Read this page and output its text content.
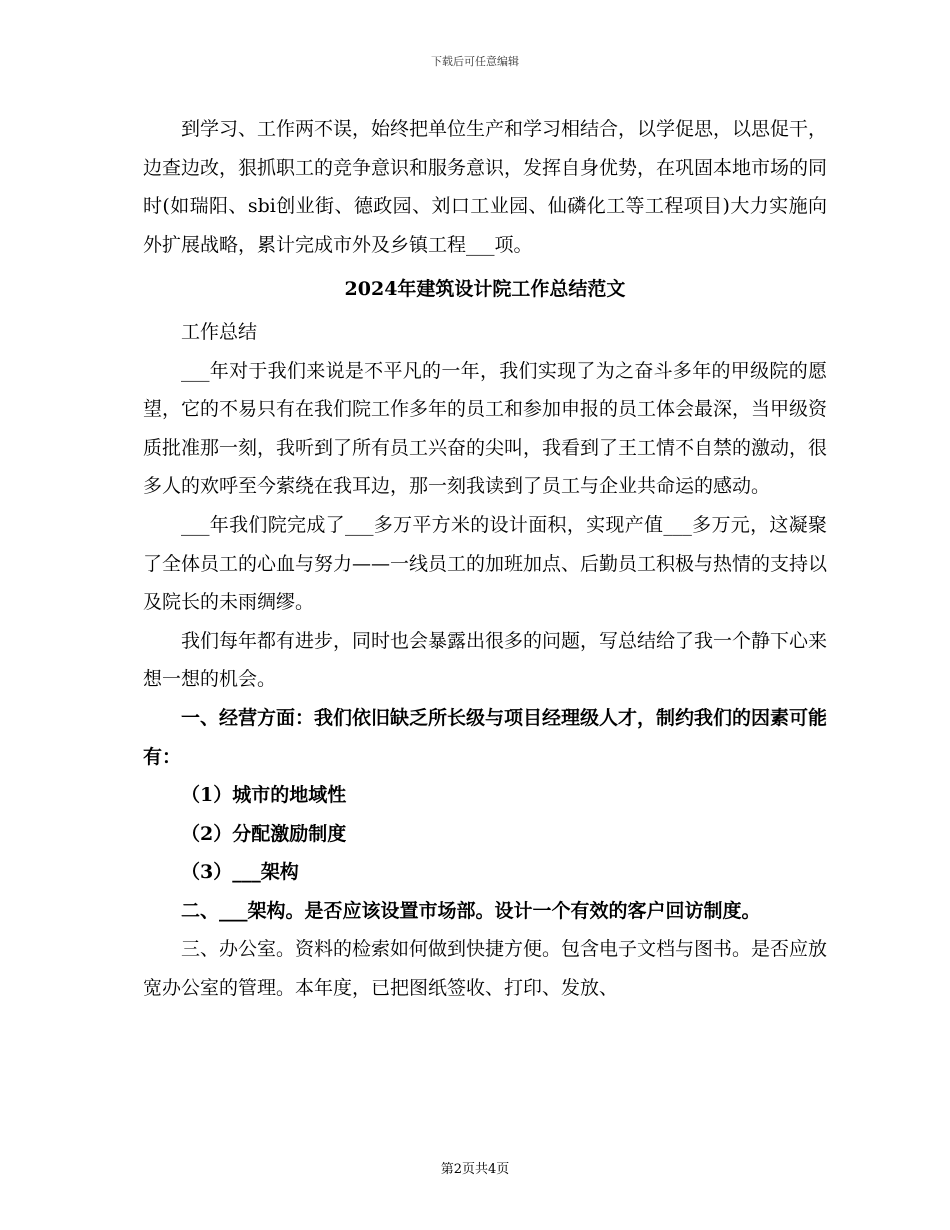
下载后可任意编辑

到学习、工作两不误，始终把单位生产和学习相结合，以学促思，以思促干，边查边改，狠抓职工的竞争意识和服务意识，发挥自身优势，在巩固本地市场的同时(如瑞阳、sbi创业街、德政园、刘口工业园、仙磷化工等工程项目)大力实施向外扩展战略，累计完成市外及乡镇工程___项。

2024年建筑设计院工作总结范文

工作总结

___年对于我们来说是不平凡的一年，我们实现了为之奋斗多年的甲级院的愿望，它的不易只有在我们院工作多年的员工和参加申报的员工体会最深，当甲级资质批准那一刻，我听到了所有员工兴奋的尖叫，我看到了王工情不自禁的激动，很多人的欢呼至今萦绕在我耳边，那一刻我读到了员工与企业共命运的感动。

___年我们院完成了___多万平方米的设计面积，实现产值___多万元，这凝聚了全体员工的心血与努力——一线员工的加班加点、后勤员工积极与热情的支持以及院长的未雨绸缪。

我们每年都有进步，同时也会暴露出很多的问题，写总结给了我一个静下心来想一想的机会。

一、经营方面：我们依旧缺乏所长级与项目经理级人才，制约我们的因素可能有：

（1）城市的地域性

（2）分配激励制度

（3）___架构

二、___架构。是否应该设置市场部。设计一个有效的客户回访制度。

三、办公室。资料的检索如何做到快捷方便。包含电子文档与图书。是否应放宽办公室的管理。本年度，已把图纸签收、打印、发放、

第2页共4页
